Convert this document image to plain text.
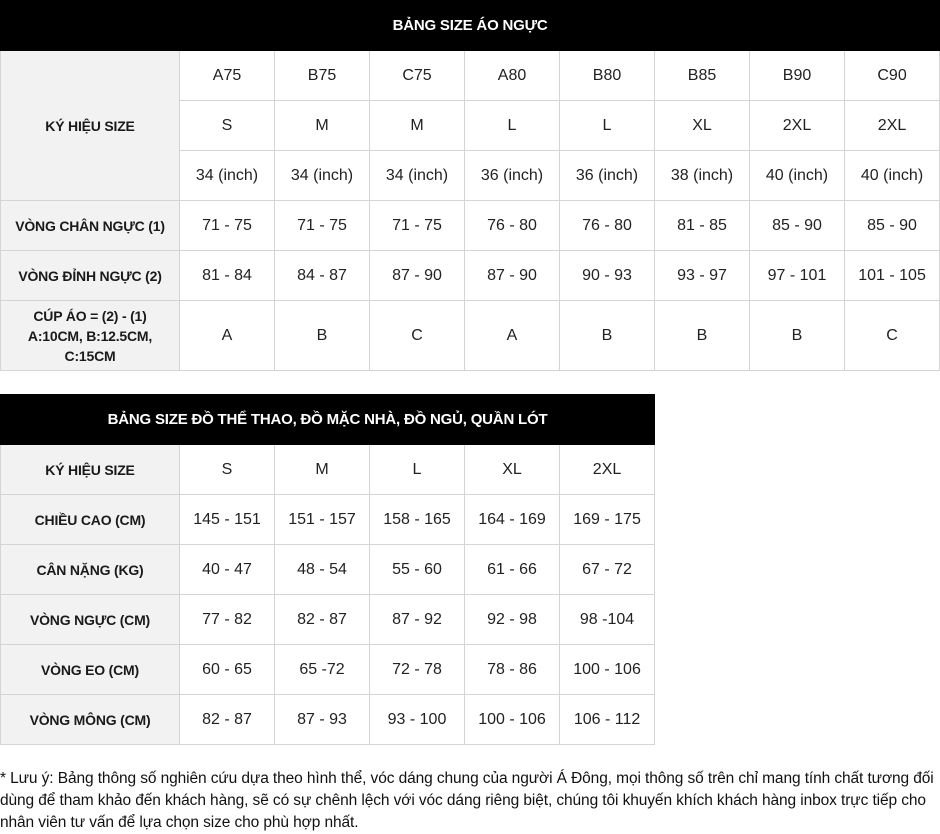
BẢNG SIZE ÁO NGỰC								
KÝ HIỆU SIZE	A75	B75	C75	A80	B80	B85	B90	C90
	S	M	M	L	L	XL	2XL	2XL
	34 (inch)	34 (inch)	34 (inch)	36 (inch)	36 (inch)	38 (inch)	40 (inch)	40 (inch)
VÒNG CHÂN NGỰC (1)	71 - 75	71 - 75	71 - 75	76 - 80	76 - 80	81 - 85	85 - 90	85 - 90
VÒNG ĐỈNH NGỰC (2)	81 - 84	84 - 87	87 - 90	87 - 90	90 - 93	93 - 97	97 - 101	101 - 105
CÚP ÁO = (2) - (1)
A:10CM, B:12.5CM, C:15CM	A	B	C	A	B	B	B	C
BẢNG SIZE ĐỒ THỂ THAO, ĐỒ MẶC NHÀ, ĐỒ NGỦ, QUẦN LÓT					
KÝ HIỆU SIZE	S	M	L	XL	2XL
CHIỀU CAO (CM)	145 - 151	151 - 157	158 - 165	164 - 169	169 - 175
CÂN NẶNG (KG)	40 - 47	48 - 54	55 - 60	61 - 66	67 - 72
VÒNG NGỰC (CM)	77 - 82	82 - 87	87 - 92	92 - 98	98 -104
VÒNG EO (CM)	60 - 65	65 -72	72 - 78	78 - 86	100 - 106
VÒNG MÔNG (CM)	82 - 87	87 - 93	93 - 100	100 - 106	106 - 112
* Lưu ý: Bảng thông số nghiên cứu dựa theo hình thể, vóc dáng chung của người Á Đông, mọi thông số trên chỉ mang tính chất tương đối dùng để tham khảo đến khách hàng, sẽ có sự chênh lệch với vóc dáng riêng biệt, chúng tôi khuyến khích khách hàng inbox trực tiếp cho nhân viên tư vấn để lựa chọn size cho phù hợp nhất.
